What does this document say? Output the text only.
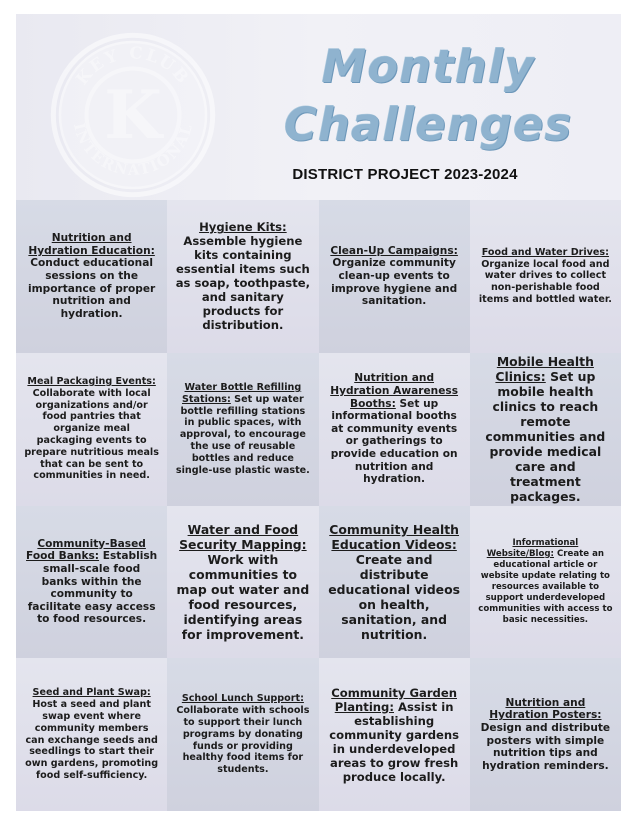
KEY CLUB
INTERNATIONAL
K
Monthly
Challenges
DISTRICT PROJECT 2023-2024
Nutrition and Hydration Education: Conduct educational sessions on the importance of proper nutrition and hydration.
Hygiene Kits: Assemble hygiene kits containing essential items such as soap, toothpaste, and sanitary products for distribution.
Clean-Up Campaigns: Organize community clean-up events to improve hygiene and sanitation.
Food and Water Drives: Organize local food and water drives to collect non-perishable food items and bottled water.
Meal Packaging Events: Collaborate with local organizations and/or food pantries that organize meal packaging events to prepare nutritious meals that can be sent to communities in need.
Water Bottle Refilling Stations: Set up water bottle refilling stations in public spaces, with approval, to encourage the use of reusable bottles and reduce single-use plastic waste.
Nutrition and Hydration Awareness Booths: Set up informational booths at community events or gatherings to provide education on nutrition and hydration.
Mobile Health Clinics: Set up mobile health clinics to reach remote communities and provide medical care and treatment packages.
Community-Based Food Banks: Establish small-scale food banks within the community to facilitate easy access to food resources.
Water and Food Security Mapping: Work with communities to map out water and food resources, identifying areas for improvement.
Community Health Education Videos: Create and distribute educational videos on health, sanitation, and nutrition.
Informational Website/Blog: Create an educational article or website update relating to resources available to support underdeveloped communities with access to basic necessities.
Seed and Plant Swap: Host a seed and plant swap event where community members can exchange seeds and seedlings to start their own gardens, promoting food self-sufficiency.
School Lunch Support: Collaborate with schools to support their lunch programs by donating funds or providing healthy food items for students.
Community Garden Planting: Assist in establishing community gardens in underdeveloped areas to grow fresh produce locally.
Nutrition and Hydration Posters: Design and distribute posters with simple nutrition tips and hydration reminders.
